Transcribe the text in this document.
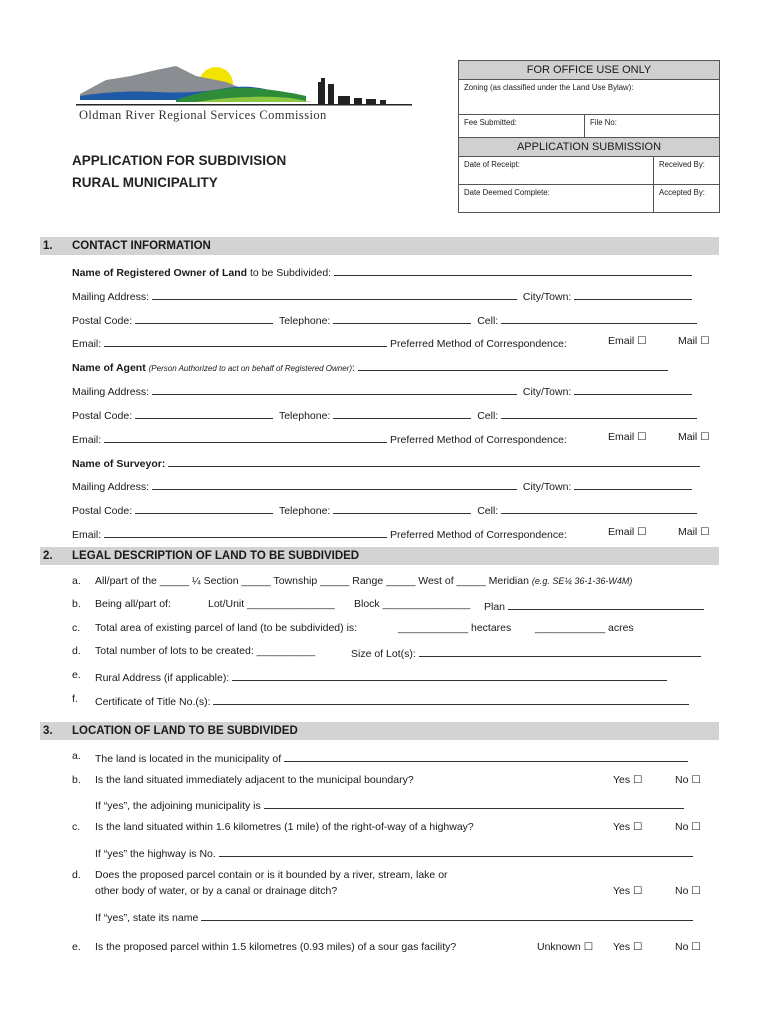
Oldman River Regional Services Commission
APPLICATION FOR SUBDIVISION
RURAL MUNICIPALITY
FOR OFFICE USE ONLY
Zoning (as classified under the Land Use Bylaw):
Fee Submitted:	File No:
APPLICATION SUBMISSION
Date of Receipt:	Received By:
Date Deemed Complete:	Accepted By:
1. CONTACT INFORMATION
Name of Registered Owner of Land to be Subdivided:
Mailing Address:	City/Town:
Postal Code:	Telephone:	Cell:
Email:	Preferred Method of Correspondence:	Email ☐	Mail ☐
Name of Agent (Person Authorized to act on behalf of Registered Owner):
Mailing Address:	City/Town:
Postal Code:	Telephone:	Cell:
Email:	Preferred Method of Correspondence:	Email ☐	Mail ☐
Name of Surveyor:
Mailing Address:	City/Town:
Postal Code:	Telephone:	Cell:
Email:	Preferred Method of Correspondence:	Email ☐	Mail ☐
2. LEGAL DESCRIPTION OF LAND TO BE SUBDIVIDED
a. All/part of the _____ ¼ Section _____ Township _____ Range _____ West of _____ Meridian (e.g. SE¼ 36-1-36-W4M)
b. Being all/part of:	Lot/Unit _______________ Block _______________ Plan
c. Total area of existing parcel of land (to be subdivided) is:	____________ hectares ____________ acres
d. Total number of lots to be created: __________	Size of Lot(s):
e. Rural Address (if applicable):
f. Certificate of Title No.(s):
3. LOCATION OF LAND TO BE SUBDIVIDED
a. The land is located in the municipality of
b. Is the land situated immediately adjacent to the municipal boundary?	Yes ☐	No ☐
If “yes”, the adjoining municipality is
c. Is the land situated within 1.6 kilometres (1 mile) of the right-of-way of a highway?	Yes ☐	No ☐
If “yes” the highway is No.
d. Does the proposed parcel contain or is it bounded by a river, stream, lake or
other body of water, or by a canal or drainage ditch?	Yes ☐	No ☐
If “yes”, state its name
e. Is the proposed parcel within 1.5 kilometres (0.93 miles) of a sour gas facility?	Unknown ☐ Yes ☐	No ☐
